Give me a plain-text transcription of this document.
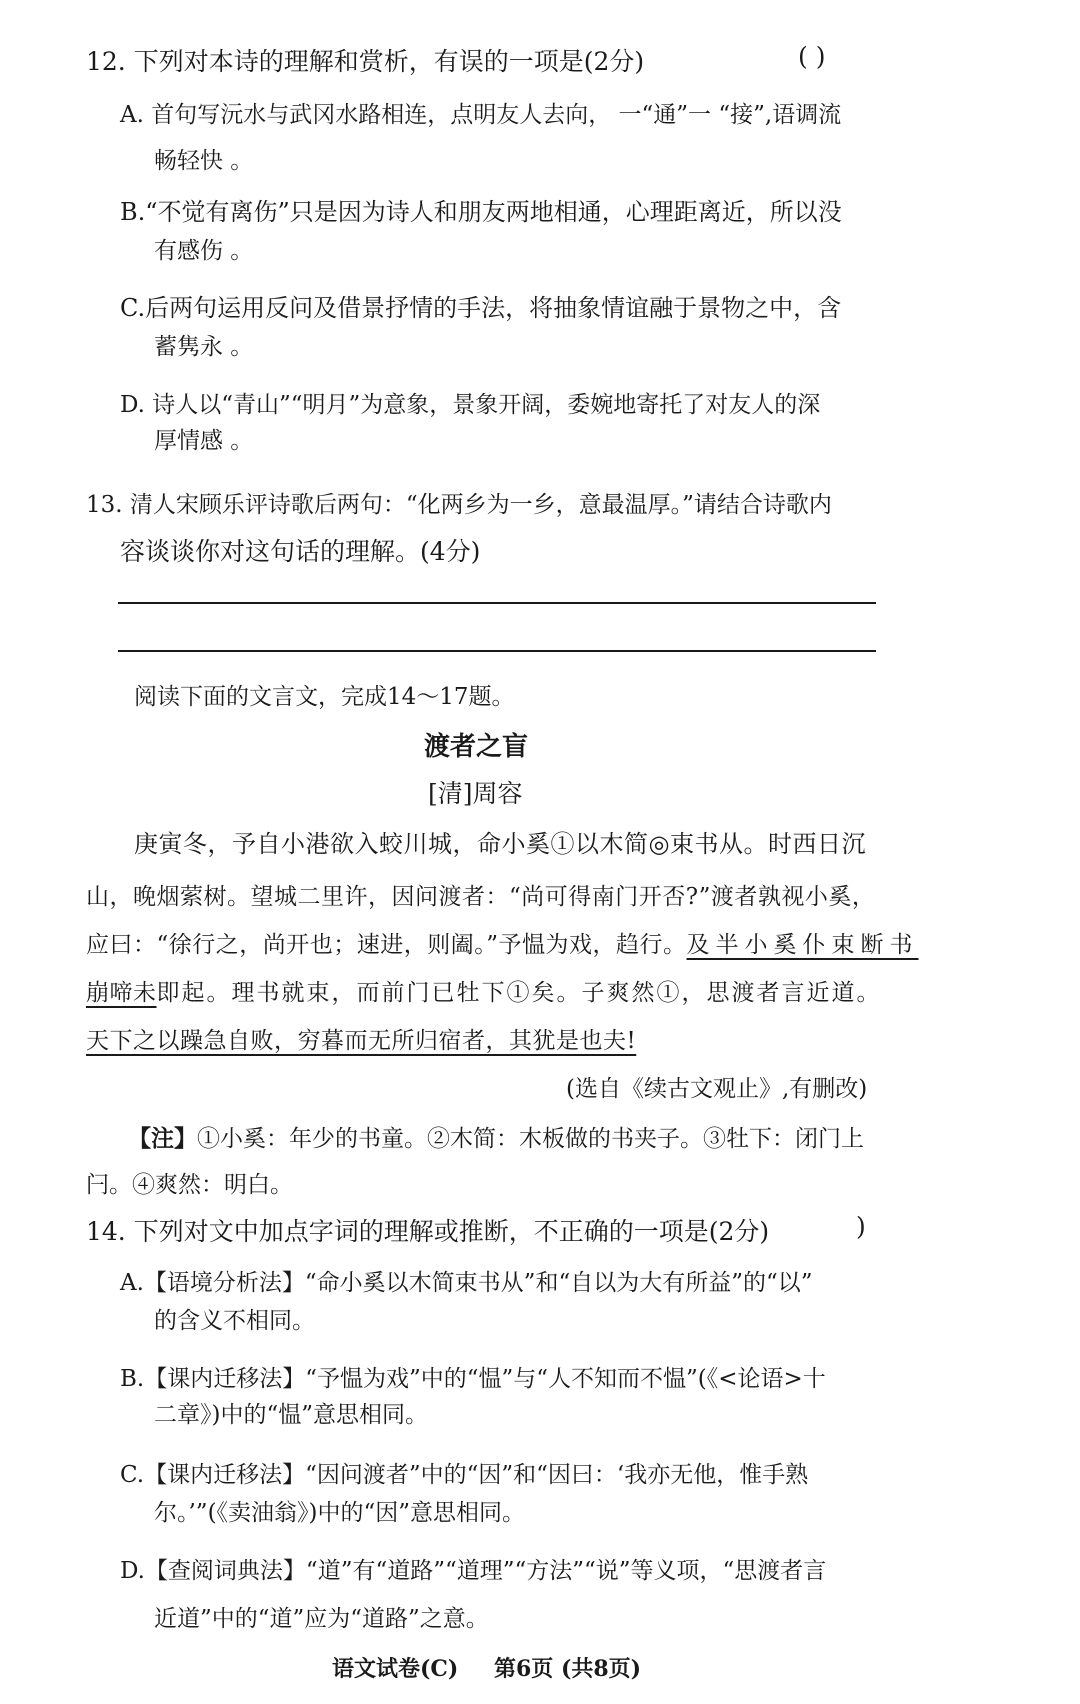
12. 下列对本诗的理解和赏析，有误的一项是(2分)	( )
A. 首句写沅水与武冈水路相连，点明友人去向， 一“通”一 “接”,语调流
畅轻快 。
B.“不觉有离伤”只是因为诗人和朋友两地相通，心理距离近，所以没
有感伤 。
C.后两句运用反问及借景抒情的手法，将抽象情谊融于景物之中，含
蓄隽永 。
D. 诗人以“青山”“明月”为意象，景象开阔，委婉地寄托了对友人的深
厚情感 。
13. 清人宋顾乐评诗歌后两句：“化两乡为一乡，意最温厚。”请结合诗歌内
容谈谈你对这句话的理解。(4分)
阅读下面的文言文，完成14～17题。
渡者之盲
[清]周容
庚寅冬，予自小港欲入蛟川城，命小奚①以木简◎束书从。时西日沉
山，晚烟萦树。望城二里许，因问渡者：“尚可得南门开否?”渡者孰视小奚，
应曰：“徐行之，尚开也；速进，则阖。”予愠为戏，趋行。及半小奚仆束断书
崩啼未即起。理书就束，而前门已牡下①矣。子爽然①，思渡者言近道。
天下之以躁急自败，穷暮而无所归宿者，其犹是也夫!
(选自《续古文观止》,有删改)
【注】①小奚：年少的书童。②木简：木板做的书夹子。③牡下：闭门上
闩。④爽然：明白。
14. 下列对文中加点字词的理解或推断，不正确的一项是(2分)	)
A.【语境分析法】“命小奚以木简束书从”和“自以为大有所益”的“以”
的含义不相同。
B.【课内迁移法】“予愠为戏”中的“愠”与“人不知而不愠”(《<论语>十
二章》)中的“愠”意思相同。
C.【课内迁移法】“因问渡者”中的“因”和“因曰：‘我亦无他，惟手熟
尔。’”(《卖油翁》)中的“因”意思相同。
D.【查阅词典法】“道”有“道路”“道理”“方法”“说”等义项，“思渡者言
近道”中的“道”应为“道路”之意。
语文试卷(C) 第6页 (共8页)
